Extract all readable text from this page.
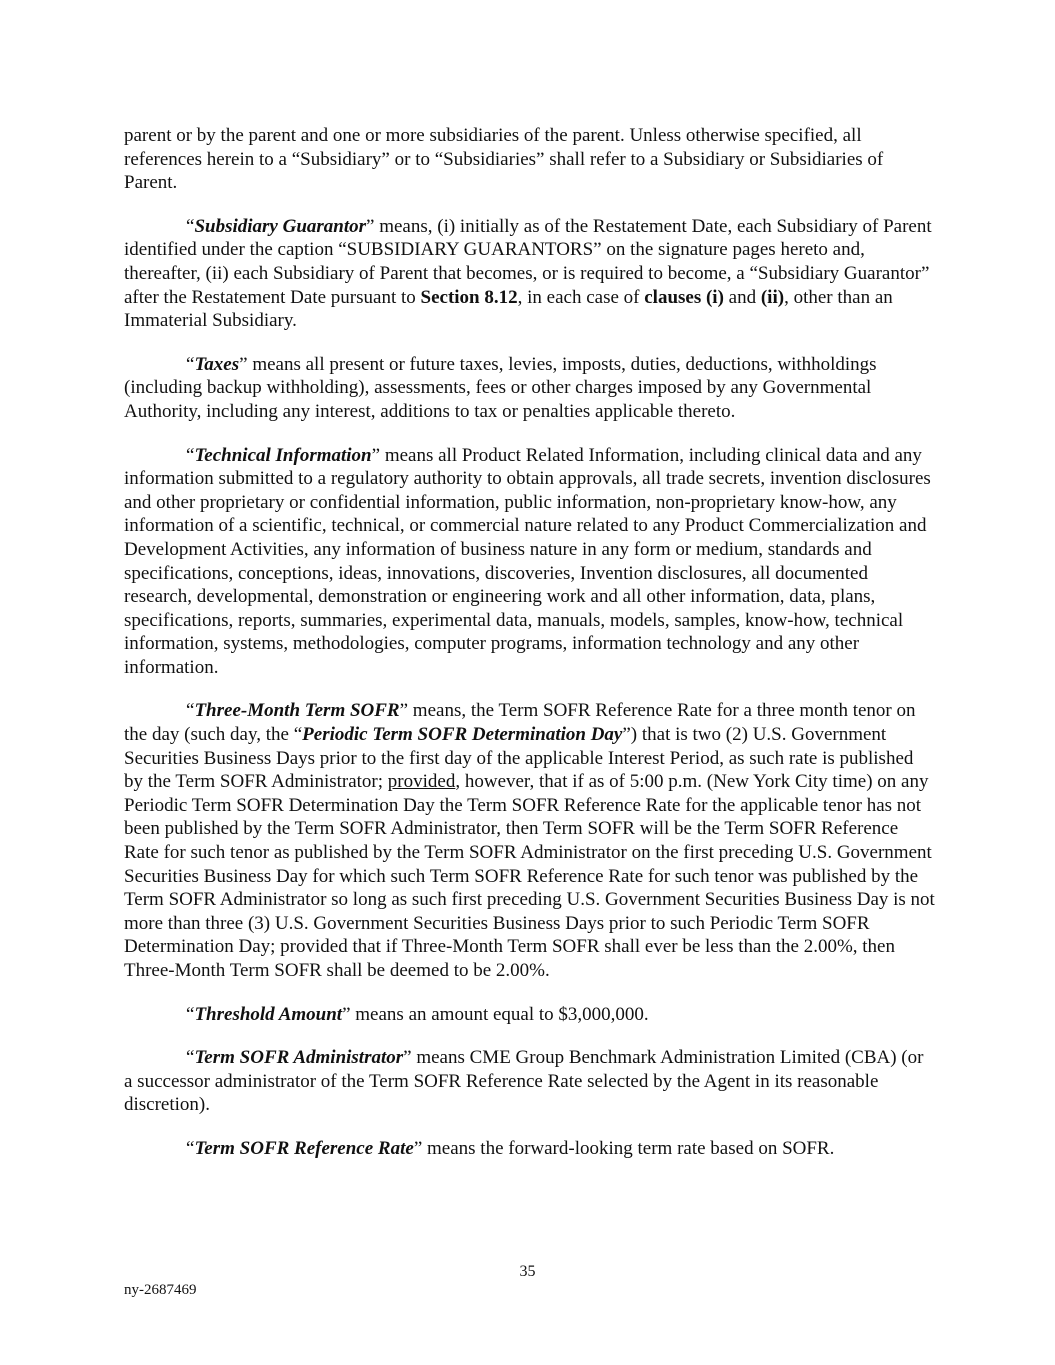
parent or by the parent and one or more subsidiaries of the parent. Unless otherwise specified, all references herein to a “Subsidiary” or to “Subsidiaries” shall refer to a Subsidiary or Subsidiaries of Parent.

“Subsidiary Guarantor” means, (i) initially as of the Restatement Date, each Subsidiary of Parent identified under the caption “SUBSIDIARY GUARANTORS” on the signature pages hereto and, thereafter, (ii) each Subsidiary of Parent that becomes, or is required to become, a “Subsidiary Guarantor” after the Restatement Date pursuant to Section 8.12, in each case of clauses (i) and (ii), other than an Immaterial Subsidiary.

“Taxes” means all present or future taxes, levies, imposts, duties, deductions, withholdings (including backup withholding), assessments, fees or other charges imposed by any Governmental Authority, including any interest, additions to tax or penalties applicable thereto.

“Technical Information” means all Product Related Information, including clinical data and any information submitted to a regulatory authority to obtain approvals, all trade secrets, invention disclosures and other proprietary or confidential information, public information, non-proprietary know-how, any information of a scientific, technical, or commercial nature related to any Product Commercialization and Development Activities, any information of business nature in any form or medium, standards and specifications, conceptions, ideas, innovations, discoveries, Invention disclosures, all documented research, developmental, demonstration or engineering work and all other information, data, plans, specifications, reports, summaries, experimental data, manuals, models, samples, know-how, technical information, systems, methodologies, computer programs, information technology and any other information.

“Three-Month Term SOFR” means, the Term SOFR Reference Rate for a three month tenor on the day (such day, the “Periodic Term SOFR Determination Day”) that is two (2) U.S. Government Securities Business Days prior to the first day of the applicable Interest Period, as such rate is published by the Term SOFR Administrator; provided, however, that if as of 5:00 p.m. (New York City time) on any Periodic Term SOFR Determination Day the Term SOFR Reference Rate for the applicable tenor has not been published by the Term SOFR Administrator, then Term SOFR will be the Term SOFR Reference Rate for such tenor as published by the Term SOFR Administrator on the first preceding U.S. Government Securities Business Day for which such Term SOFR Reference Rate for such tenor was published by the Term SOFR Administrator so long as such first preceding U.S. Government Securities Business Day is not more than three (3) U.S. Government Securities Business Days prior to such Periodic Term SOFR Determination Day; provided that if Three-Month Term SOFR shall ever be less than the 2.00%, then Three-Month Term SOFR shall be deemed to be 2.00%.

“Threshold Amount” means an amount equal to $3,000,000.

“Term SOFR Administrator” means CME Group Benchmark Administration Limited (CBA) (or a successor administrator of the Term SOFR Reference Rate selected by the Agent in its reasonable discretion).

“Term SOFR Reference Rate” means the forward-looking term rate based on SOFR.

35
ny-2687469
